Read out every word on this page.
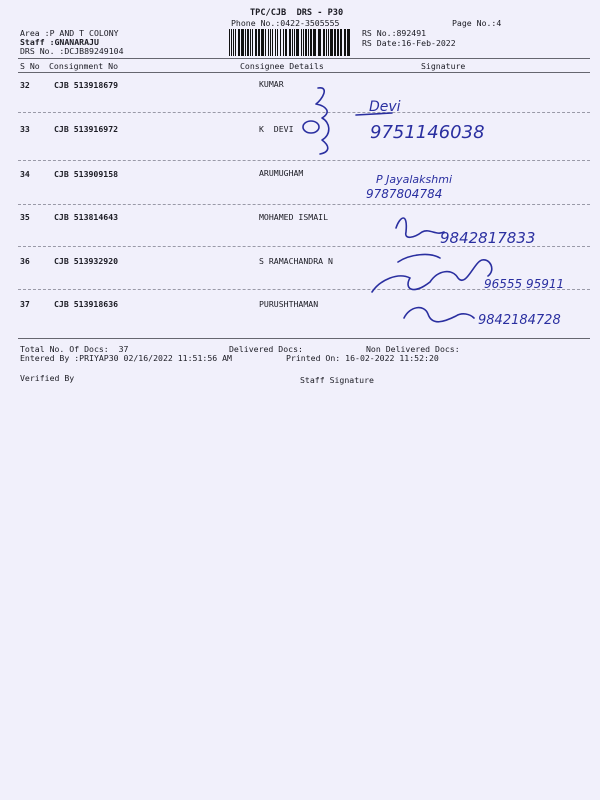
TPC/CJB  DRS - P30
Phone No.:0422-3505555
Area :P AND T COLONY
Staff :GNANARAJU
DRS No. :DCJB89249104
RS No.:892491
RS Date:16-Feb-2022
Page No.:4
S No Consignment No	Consignee Details	Signature
32	CJB 513918679	KUMAR
33	CJB 513916972	K  DEVI
34	CJB 513909158	ARUMUGHAM
35	CJB 513814643	MOHAMED ISMAIL
36	CJB 513932920	S RAMACHANDRA N
37	CJB 513918636	PURUSHTHAMAN
Total No. Of Docs:  37	Delivered Docs:	Non Delivered Docs:
Entered By :PRIYAP30 02/16/2022 11:51:56 AM	Printed On: 16-02-2022 11:52:20
Verified By	Staff Signature
Devi
9751146038
P Jayalakshmi
9787804784
9842817833
96555 95911
9842184728
